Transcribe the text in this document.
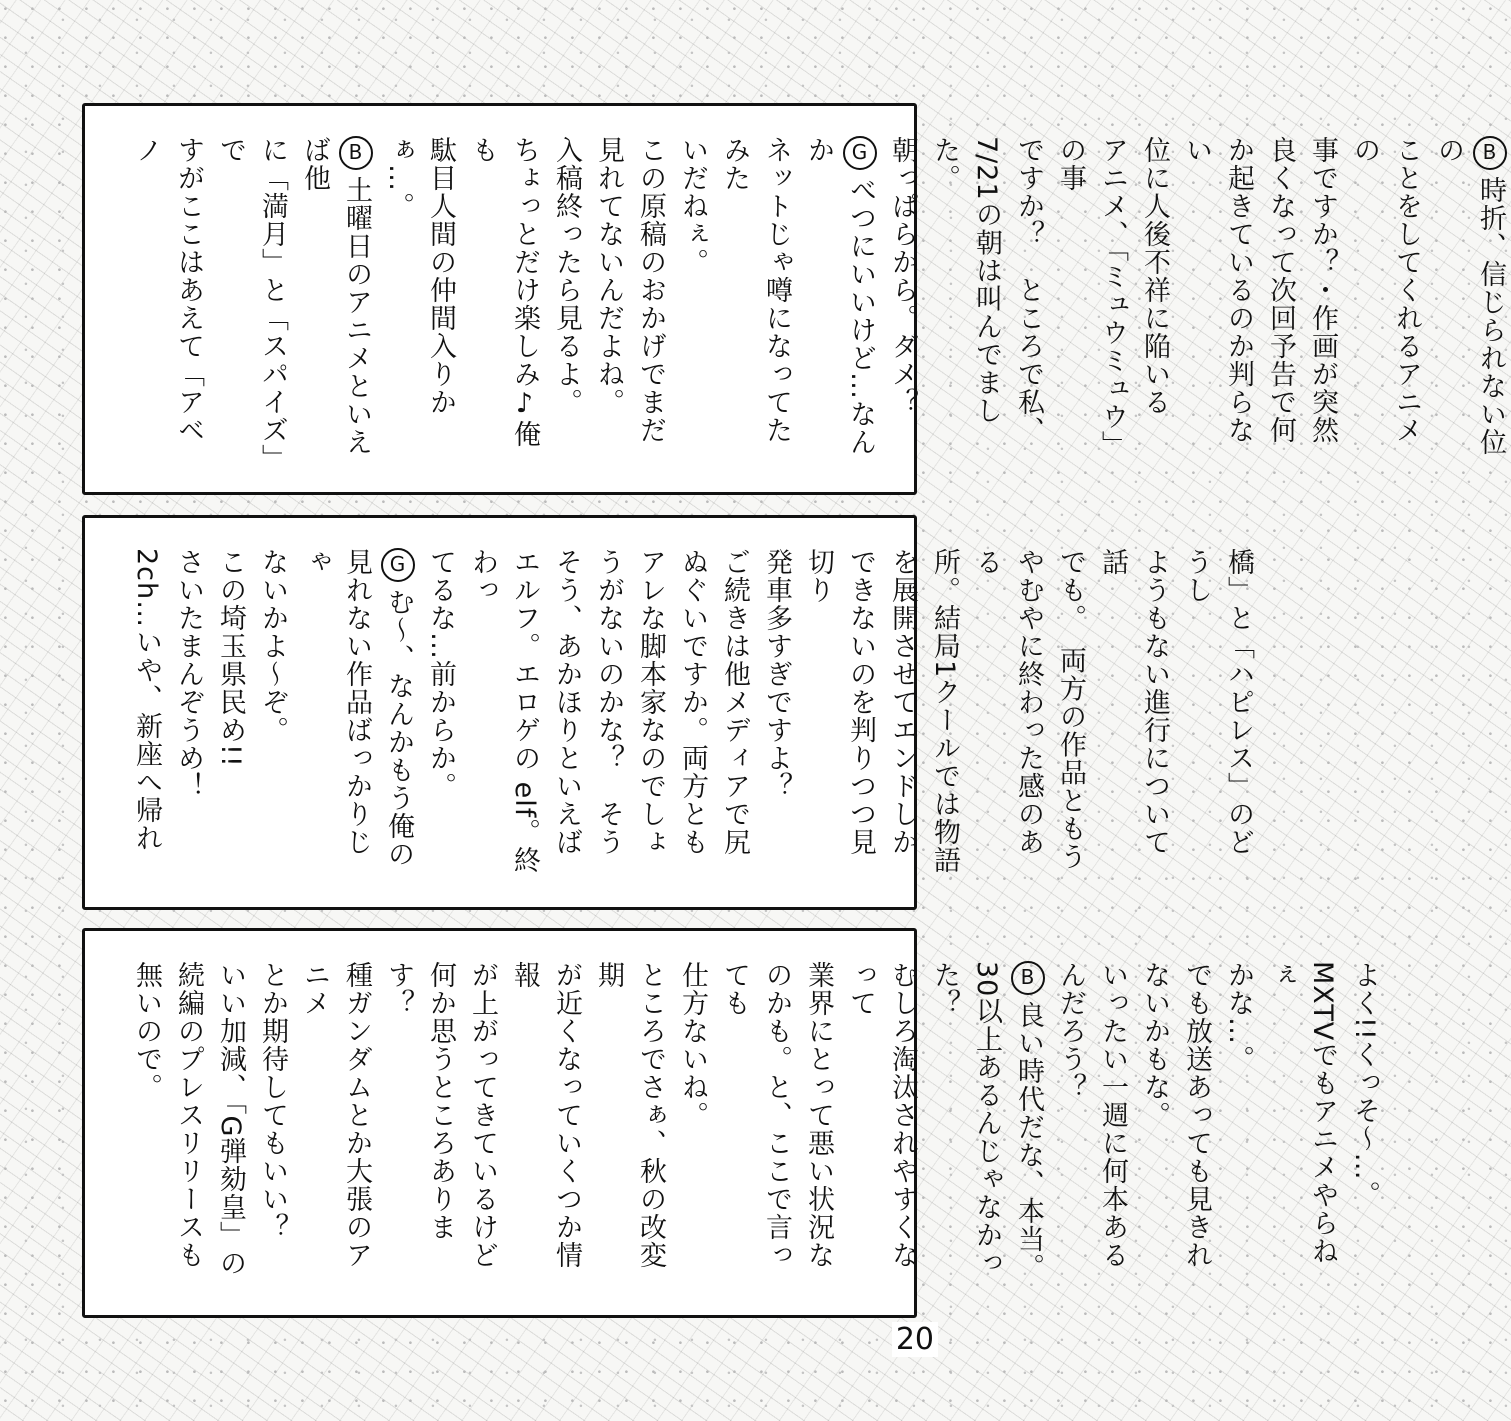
B時折、信じられない位の
ことをしてくれるアニメの
事ですか？・作画が突然
良くなって次回予告で何
か起きているのか判らない
位に人後不祥に陥いる
アニメ、「ミュウミュウ」の事
ですか？　ところで私、
7/21の朝は叫んでました。
朝っぱらから。ダメ？
Gべつにいいけど…なんか
ネットじゃ噂になってたみた
いだねぇ。
この原稿のおかげでまだ
見れてないんだよね。
入稿終ったら見るよ。
ちょっとだけ楽しみ♪俺も
駄目人間の仲間入りかぁ…。
B土曜日のアニメといえば他
に「満月」と「スパイズ」で
すがここはあえて「アベノ
橋」と「ハピレス」のどうし
ようもない進行について話
でも。　両方の作品ともう
やむやに終わった感のある
所。結局1クールでは物語
を展開させてエンドしか
できないのを判りつつ見切り
発車多すぎですよ？
ご続きは他メディアで尻
ぬぐいですか。両方とも
アレな脚本家なのでしょ
うがないのかな？　そう
そう、あかほりといえば
エルフ。エロゲの elf。終わっ
てるな…前からか。
Gむ〜、なんかもう俺の
見れない作品ばっかりじゃ
ないかよ〜ぞ。
この埼玉県民め!!
さいたまんぞうめ！
2ch…いや、新座へ帰れ
よく!!くっそ〜…。
MXTVでもアニメやらねぇ
かな…。
でも放送あっても見きれ
ないかもな。
いったい一週に何本ある
んだろう？
B良い時代だな、本当。
30以上あるんじゃなかった？
むしろ淘汰されやすくなって
業界にとって悪い状況な
のかも。と、ここで言っても
仕方ないね。
ところでさぁ、秋の改変期
が近くなっていくつか情報
が上がってきているけど
何か思うところあります？
種ガンダムとか大張のアニメ
とか期待してもいい？
いい加減、「G弾劾皇」の
続編のプレスリリースも
無いので。
20
